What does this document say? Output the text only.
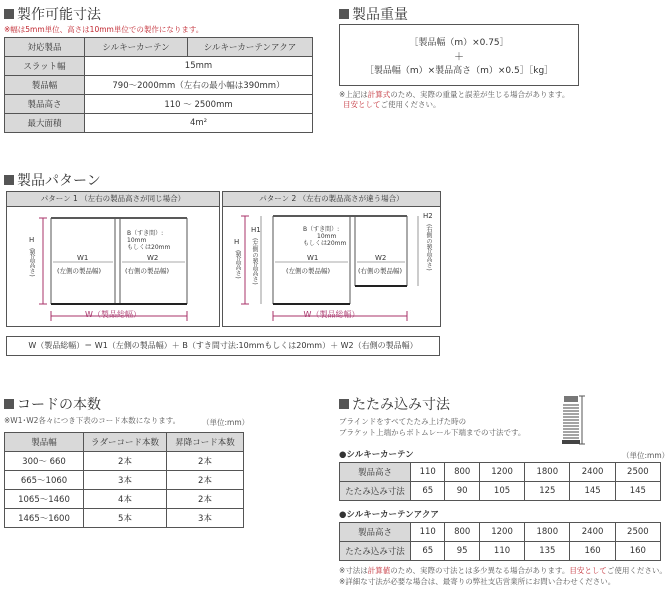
製作可能寸法
※幅は5mm単位、高さは10mm単位での製作になります。
対応製品	シルキーカーテン	シルキーカーテンアクア
スラット幅	15mm	
製品幅	790～2000mm（左右の最小幅は390mm）	
製品高さ	110 ～ 2500mm	
最大面積	4m²	
製品重量
［製品幅（m）×0.75］
＋
［製品幅（m）×製品高さ（m）×0.5］［kg］
※上記は計算式のため、実際の重量と誤差が生じる場合があります。
目安としてご使用ください。
製品パターン
パターン 1 （左右の製品高さが同じ場合）
H
(製品高さ)
B（すき間）:
10mm
もしくは20mm
W1
(左側の製品幅)
W2
(右側の製品幅)
W（製品総幅）
パターン 2 （左右の製品高さが違う場合）
H
(製品高さ)
H1
(左側の製品高さ)
H2
(右側の製品高さ)
B（すき間）:
10mm
もしくは20mm
W1
(左側の製品幅)
W2
(右側の製品幅)
W（製品総幅）
W（製品総幅）＝ W1（左側の製品幅）＋ B（すき間寸法:10mmもしくは20mm）＋ W2（右側の製品幅）
コードの本数
※W1･W2各々につき下表のコード本数になります。	（単位:mm）
製品幅	ラダーコード本数	昇降コード本数
300～ 660	2本	2本
665～1060	3本	2本
1065～1460	4本	2本
1465～1600	5本	3本
たたみ込み寸法
ブラインドをすべてたたみ上げた時の
ブラケット上端からボトムレール下端までの寸法です。
●シルキーカーテン	（単位:mm）
製品高さ	110	800	1200	1800	2400	2500
たたみ込み寸法	65	90	105	125	145	145
●シルキーカーテンアクア
製品高さ	110	800	1200	1800	2400	2500
たたみ込み寸法	65	95	110	135	160	160
※寸法は計算値のため、実際の寸法とは多少異なる場合があります。目安としてご使用ください。
※詳細な寸法が必要な場合は、最寄りの弊社支店営業所にお問い合わせください。
